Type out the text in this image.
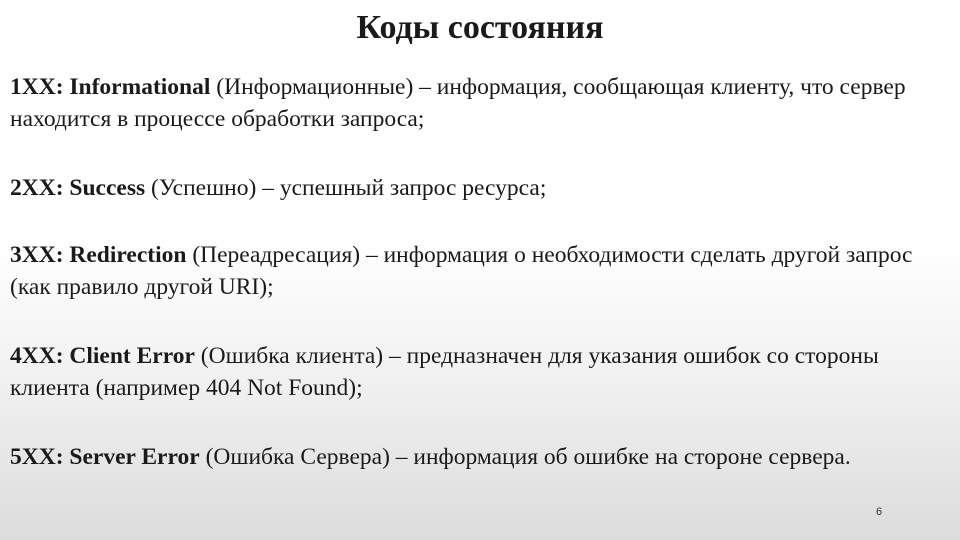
Коды состояния
1XX: Informational (Информационные) – информация, сообщающая клиенту, что сервер находится в процессе обработки запроса;
2XX: Success (Успешно) – успешный запрос ресурса;
3XX: Redirection (Переадресация) – информация о необходимости сделать другой запрос (как правило другой URI);
4XX: Client Error (Ошибка клиента) – предназначен для указания ошибок со стороны клиента (например 404 Not Found);
5XX: Server Error (Ошибка Сервера) – информация об ошибке на стороне сервера.
6
